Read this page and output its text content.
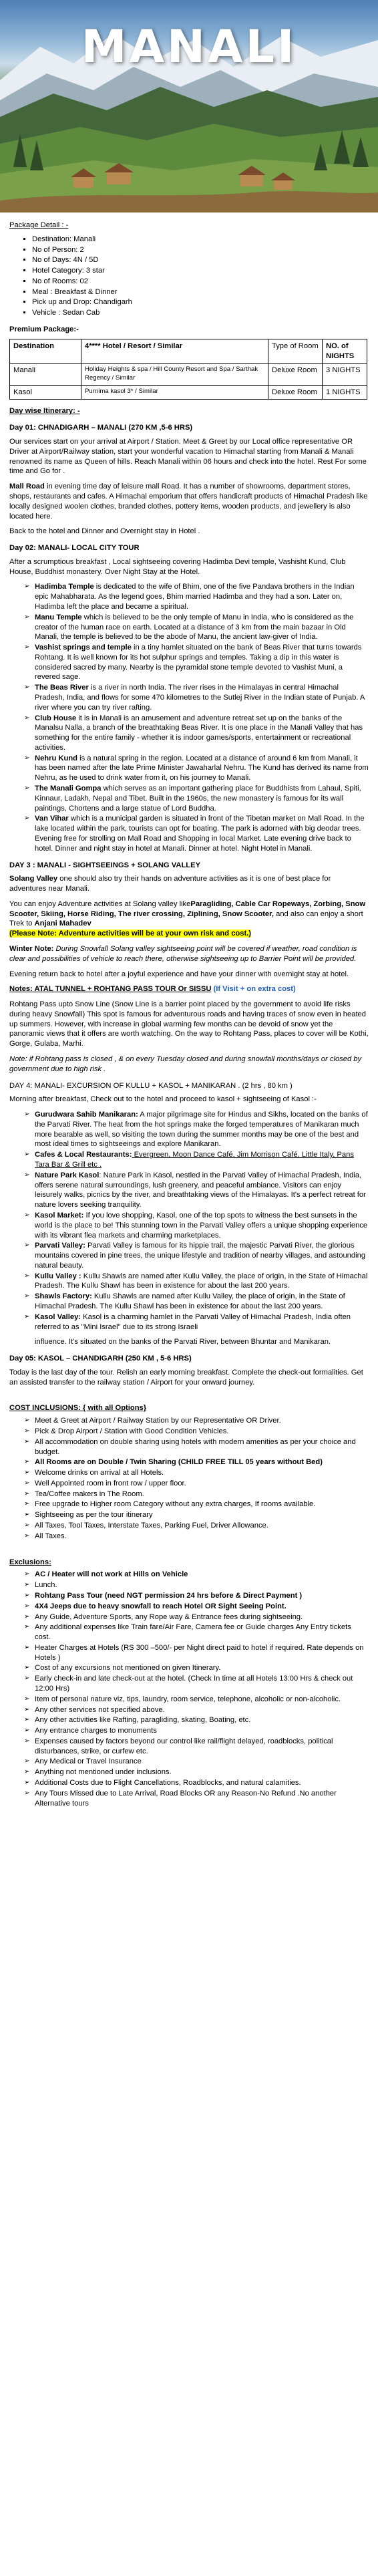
MANALI

Package Detail : -

▪ Destination: Manali
▪ No of Person: 2
▪ No of Days: 4N / 5D
▪ Hotel Category: 3 star
▪ No of Rooms: 02
▪ Meal : Breakfast & Dinner
▪ Pick up and Drop: Chandigarh
▪ Vehicle : Sedan Cab

Premium Package:-

Destination	4**** Hotel / Resort / Similar	Type of Room	NO. of NIGHTS
Manali	Holiday Heights & spa / Hill County Resort and Spa / Sarthak Regency / Similar	Deluxe Room	3 NIGHTS
Kasol	Purnima kasol 3* / Similar	Deluxe Room	1 NIGHTS

Day wise Itinerary: -

Day 01: CHNADIGARH – MANALI (270 KM ,5-6 HRS)

Our services start on your arrival at Airport / Station. Meet & Greet by our Local office representative OR Driver at Airport/Railway station, start your wonderful vacation to Himachal starting from Manali & Manali renowned its name as Queen of hills. Reach Manali within 06 hours and check into the hotel. Rest For some time and Go for .

Mall Road in evening time day of leisure mall Road. It has a number of showrooms, department stores, shops, restaurants and cafes. A Himachal emporium that offers handicraft products of Himachal Pradesh like locally designed woolen clothes, branded clothes, pottery items, wooden products, and jewellery is also located here.

Back to the hotel and Dinner and Overnight stay in Hotel .

Day 02: MANALI- LOCAL CITY TOUR

After a scrumptious breakfast , Local sightseeing covering Hadimba Devi temple, Vashisht Kund, Club House, Buddhist monastery. Over Night Stay at the Hotel.

➢ Hadimba Temple is dedicated to the wife of Bhim, one of the five Pandava brothers in the Indian epic Mahabharata. As the legend goes, Bhim married Hadimba and they had a son. Later on, Hadimba left the place and became a spiritual.
➢ Manu Temple which is believed to be the only temple of Manu in India, who is considered as the creator of the human race on earth. Located at a distance of 3 km from the main bazaar in Old Manali, the temple is believed to be the abode of Manu, the ancient law-giver of India.
➢ Vashist springs and temple in a tiny hamlet situated on the bank of Beas River that turns towards Rohtang. It is well known for its hot sulphur springs and temples. Taking a dip in this water is considered sacred by many. Nearby is the pyramidal stone temple devoted to Vashist Muni, a revered sage.
➢ The Beas River is a river in north India. The river rises in the Himalayas in central Himachal Pradesh, India, and flows for some 470 kilometres to the Sutlej River in the Indian state of Punjab. A river where you can try river rafting.
➢ Club House it is in Manali is an amusement and adventure retreat set up on the banks of the Manalsu Nalla, a branch of the breathtaking Beas River. It is one place in the Manali Valley that has something for the entire family - whether it is indoor games/sports, entertainment or recreational activities.
➢ Nehru Kund is a natural spring in the region. Located at a distance of around 6 km from Manali, it has been named after the late Prime Minister Jawaharlal Nehru. The Kund has derived its name from Nehru, as he used to drink water from it, on his journey to Manali.
➢ The Manali Gompa which serves as an important gathering place for Buddhists from Lahaul, Spiti, Kinnaur, Ladakh, Nepal and Tibet. Built in the 1960s, the new monastery is famous for its wall paintings, Chortens and a large statue of Lord Buddha.
➢ Van Vihar which is a municipal garden is situated in front of the Tibetan market on Mall Road. In the lake located within the park, tourists can opt for boating. The park is adorned with big deodar trees. Evening free for strolling on Mall Road and Shopping in local Market. Late evening drive back to hotel. Dinner and night stay in hotel at Manali. Dinner at hotel. Night Hotel in Manali.
DAY 3 : MANALI - SIGHTSEEINGS + SOLANG VALLEY

Solang Valley one should also try their hands on adventure activities as it is one of best place for adventures near Manali.

You can enjoy Adventure activities at Solang valley likeParagliding, Cable Car Ropeways, Zorbing, Snow Scooter, Skiing, Horse Riding, The river crossing, Ziplining, Snow Scooter, and also can enjoy a short Trek to Anjani Mahadev
(Please Note: Adventure activities will be at your own risk and cost.)

Winter Note: During Snowfall Solang valley sightseeing point will be covered if weather, road condition is clear and possibilities of vehicle to reach there, otherwise sightseeing up to Barrier Point will be provided.

Evening return back to hotel after a joyful experience and have your dinner with overnight stay at hotel.

Notes: ATAL TUNNEL + ROHTANG PASS TOUR Or SISSU (If Visit + on extra cost)

Rohtang Pass upto Snow Line (Snow Line is a barrier point placed by the government to avoid life risks during heavy Snowfall) This spot is famous for adventurous roads and having traces of snow even in heated up summers. However, with increase in global warming few months can be devoid of snow yet the panoramic views that it offers are worth watching. On the way to Rohtang Pass, places to cover will be Kothi, Gorge, Gulaba, Marhi.

Note: if Rohtang pass is closed , & on every Tuesday closed and during snowfall months/days or closed by government due to high risk .

DAY 4: MANALI- EXCURSION OF KULLU + KASOL + MANIKARAN . (2 hrs , 80 km )

Morning after breakfast, Check out to the hotel and proceed to kasol + sightseeing of Kasol :-

➢ Gurudwara Sahib Manikaran: A major pilgrimage site for Hindus and Sikhs, located on the banks of the Parvati River. The heat from the hot springs make the forged temperatures of Manikaran much more bearable as well, so visiting the town during the summer months may be one of the best and most ideal times to sightseeings and explore Manikaran.
➢ Cafes & Local Restaurants: Evergreen, Moon Dance Café, Jim Morrison Café, Little Italy, Pans Tara Bar & Grill etc .
➢ Nature Park Kasol: Nature Park in Kasol, nestled in the Parvati Valley of Himachal Pradesh, India, offers serene natural surroundings, lush greenery, and peaceful ambiance. Visitors can enjoy leisurely walks, picnics by the river, and breathtaking views of the Himalayas. It's a perfect retreat for nature lovers seeking tranquility.
➢ Kasol Market: If you love shopping, Kasol, one of the top spots to witness the best sunsets in the world is the place to be! This stunning town in the Parvati Valley offers a unique shopping experience with its vibrant flea markets and charming marketplaces.
➢ Parvati Valley: Parvati Valley is famous for its hippie trail, the majestic Parvati River, the glorious mountains covered in pine trees, the unique lifestyle and tradition of nearby villages, and astounding natural beauty.
➢ Kullu Valley : Kullu Shawls are named after Kullu Valley, the place of origin, in the State of Himachal Pradesh. The Kullu Shawl has been in existence for about the last 200 years.
➢ Shawls Factory: Kullu Shawls are named after Kullu Valley, the place of origin, in the State of Himachal Pradesh. The Kullu Shawl has been in existence for about the last 200 years.
➢ Kasol Valley: Kasol is a charming hamlet in the Parvati Valley of Himachal Pradesh, India often referred to as "Mini Israel" due to its strong Israeli

influence. It's situated on the banks of the Parvati River, between Bhuntar and Manikaran.

Day 05: KASOL – CHANDIGARH (250 KM , 5-6 HRS)

Today is the last day of the tour. Relish an early morning breakfast. Complete the check-out formalities. Get an assisted transfer to the railway station / Airport for your onward journey.

COST INCLUSIONS: { with all Options}

➢ Meet & Greet at Airport / Railway Station by our Representative OR Driver.
➢ Pick & Drop Airport / Station with Good Condition Vehicles.
➢ All accommodation on double sharing using hotels with modern amenities as per your choice and budget.
➢ All Rooms are on Double / Twin Sharing (CHILD FREE TILL 05 years without Bed)
➢ Welcome drinks on arrival at all Hotels.
➢ Well Appointed room in front row / upper floor.
➢ Tea/Coffee makers in The Room.
➢ Free upgrade to Higher room Category without any extra charges, If rooms available.
➢ Sightseeing as per the tour itinerary
➢ All Taxes, Tool Taxes, Interstate Taxes, Parking Fuel, Driver Allowance.
➢ All Taxes.

Exclusions:

➢ AC / Heater will not work at Hills on Vehicle
➢ Lunch.
➢ Rohtang Pass Tour (need NGT permission 24 hrs before & Direct Payment )
➢ 4X4 Jeeps due to heavy snowfall to reach Hotel OR Sight Seeing Point.
➢ Any Guide, Adventure Sports, any Rope way & Entrance fees during sightseeing.
➢ Any additional expenses like Train fare/Air Fare, Camera fee or Guide charges Any Entry tickets cost.
➢ Heater Charges at Hotels (RS 300 –500/- per Night direct paid to hotel if required. Rate depends on Hotels )
➢ Cost of any excursions not mentioned on given Itinerary.
➢ Early check-in and late check-out at the hotel. (Check In time at all Hotels 13:00 Hrs & check out 12:00 Hrs)
➢ Item of personal nature viz, tips, laundry, room service, telephone, alcoholic or non-alcoholic.
➢ Any other services not specified above.
➢ Any other activities like Rafting, paragliding, skating, Boating, etc.
➢ Any entrance charges to monuments
➢ Expenses caused by factors beyond our control like rail/flight delayed, roadblocks, political disturbances, strike, or curfew etc.
➢ Any Medical or Travel Insurance
➢ Anything not mentioned under inclusions.
➢ Additional Costs due to Flight Cancellations, Roadblocks, and natural calamities.
➢ Any Tours Missed due to Late Arrival, Road Blocks OR any Reason-No Refund .No another Alternative tours
